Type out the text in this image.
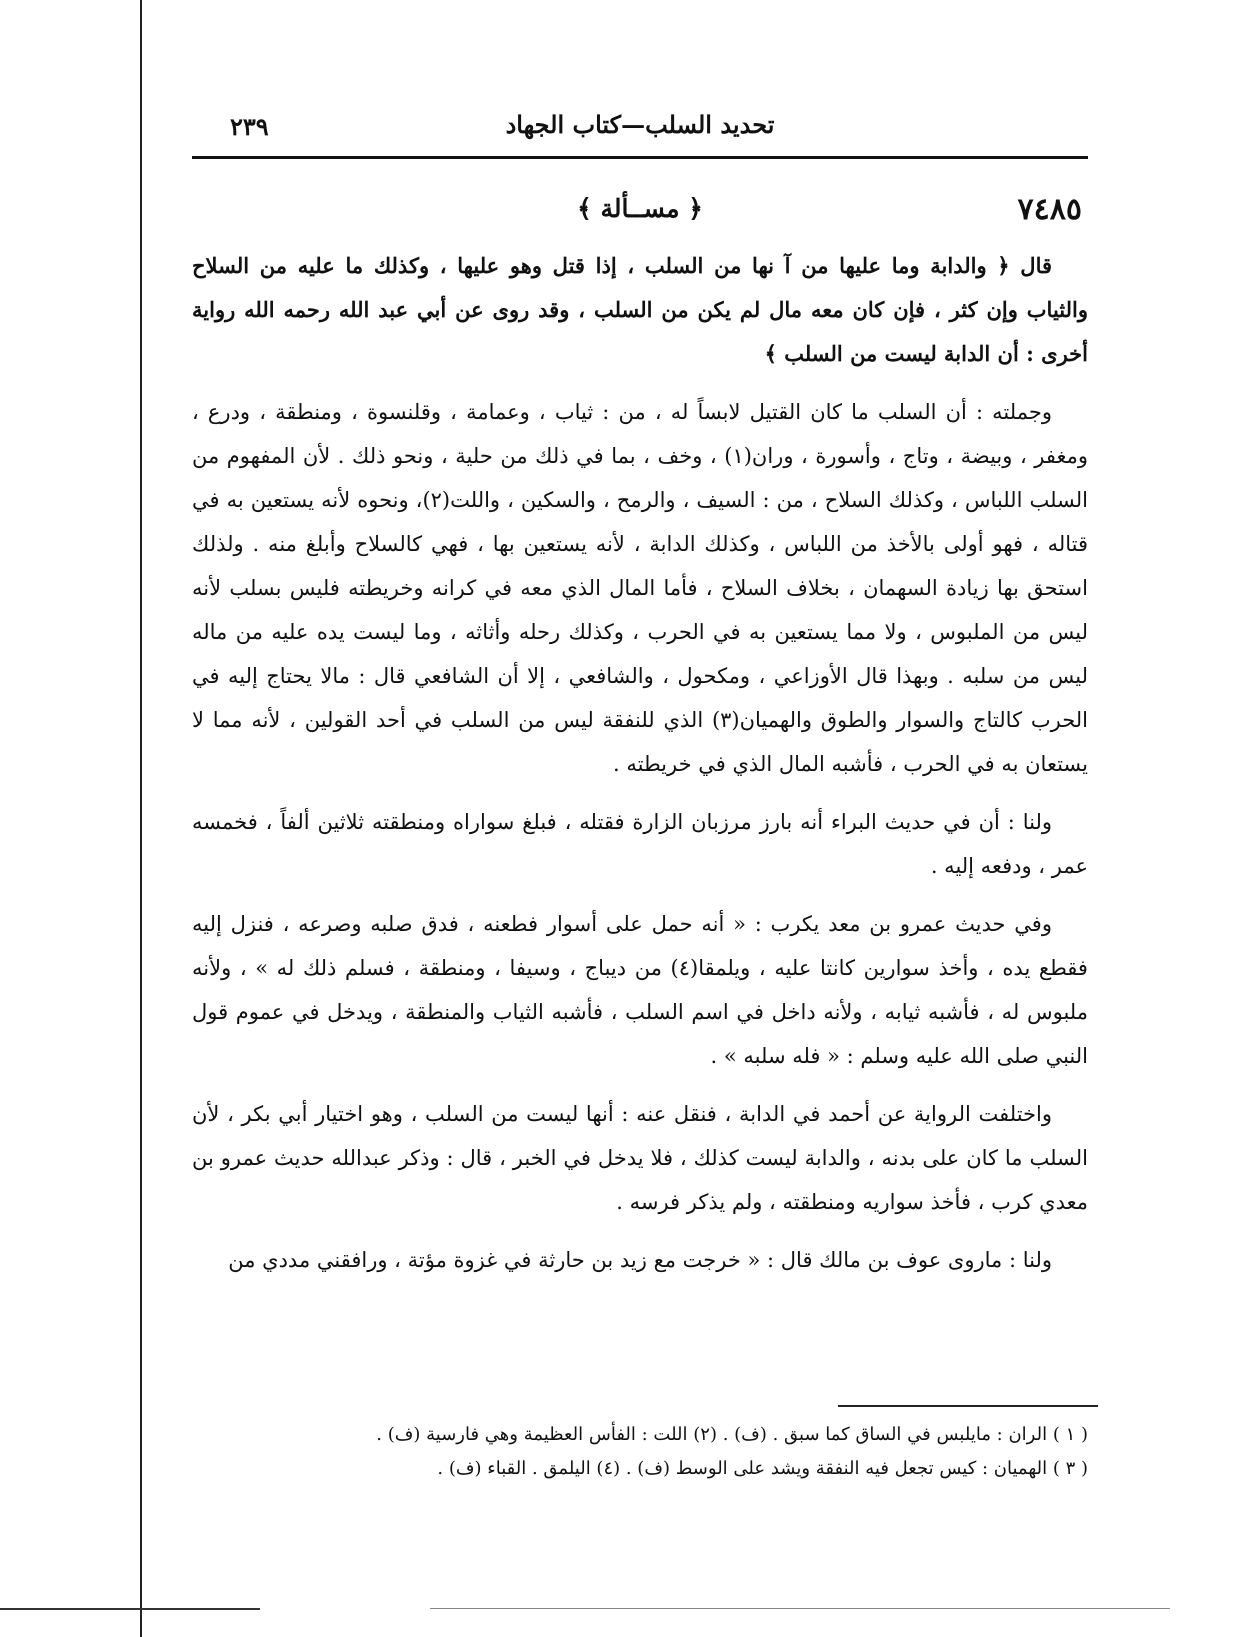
تحديد السلب—كتاب الجهاد
٢٣٩
٧٤٨٥
﴿ مســألة ﴾

قال ﴿ والدابة وما عليها من آ نها من السلب ، إذا قتل وهو عليها ، وكذلك ما عليه من السلاح والثياب وإن كثر ، فإن كان معه مال لم يكن من السلب ، وقد روى عن أبي عبد الله رحمه الله رواية أخرى : أن الدابة ليست من السلب ﴾

وجملته : أن السلب ما كان القتيل لابساً له ، من : ثياب ، وعمامة ، وقلنسوة ، ومنطقة ، ودرع ، ومغفر ، وبيضة ، وتاج ، وأسورة ، وران(١) ، وخف ، بما في ذلك من حلية ، ونحو ذلك . لأن المفهوم من السلب اللباس ، وكذلك السلاح ، من : السيف ، والرمح ، والسكين ، واللت(٢)، ونحوه لأنه يستعين به في قتاله ، فهو أولى بالأخذ من اللباس ، وكذلك الدابة ، لأنه يستعين بها ، فهي كالسلاح وأبلغ منه . ولذلك استحق بها زيادة السهمان ، بخلاف السلاح ، فأما المال الذي معه في كرانه وخريطته فليس بسلب لأنه ليس من الملبوس ، ولا مما يستعين به في الحرب ، وكذلك رحله وأثاثه ، وما ليست يده عليه من ماله ليس من سلبه . وبهذا قال الأوزاعي ، ومكحول ، والشافعي ، إلا أن الشافعي قال : مالا يحتاج إليه في الحرب كالتاج والسوار والطوق والهميان(٣) الذي للنفقة ليس من السلب في أحد القولين ، لأنه مما لا يستعان به في الحرب ، فأشبه المال الذي في خريطته .

ولنا : أن في حديث البراء أنه بارز مرزبان الزارة فقتله ، فبلغ سواراه ومنطقته ثلاثين ألفاً ، فخمسه عمر ، ودفعه إليه .

وفي حديث عمرو بن معد يكرب : « أنه حمل على أسوار فطعنه ، فدق صلبه وصرعه ، فنزل إليه فقطع يده ، وأخذ سوارين كانتا عليه ، ويلمقا(٤) من ديباج ، وسيفا ، ومنطقة ، فسلم ذلك له » ، ولأنه ملبوس له ، فأشبه ثيابه ، ولأنه داخل في اسم السلب ، فأشبه الثياب والمنطقة ، ويدخل في عموم قول النبي صلى الله عليه وسلم : « فله سلبه » .

واختلفت الرواية عن أحمد في الدابة ، فنقل عنه : أنها ليست من السلب ، وهو اختيار أبي بكر ، لأن السلب ما كان على بدنه ، والدابة ليست كذلك ، فلا يدخل في الخبر ، قال : وذكر عبدالله حديث عمرو بن معدي كرب ، فأخذ سواريه ومنطقته ، ولم يذكر فرسه .

ولنا : ماروى عوف بن مالك قال : « خرجت مع زيد بن حارثة في غزوة مؤتة ، ورافقني مددي من

( ١ ) الران : مايلبس في الساق كما سبق . (ف) . (٢) اللت : الفأس العظيمة وهي فارسية (ف) .

( ٣ ) الهميان : كيس تجعل فيه النفقة ويشد على الوسط (ف) . (٤) اليلمق . القباء (ف) .
